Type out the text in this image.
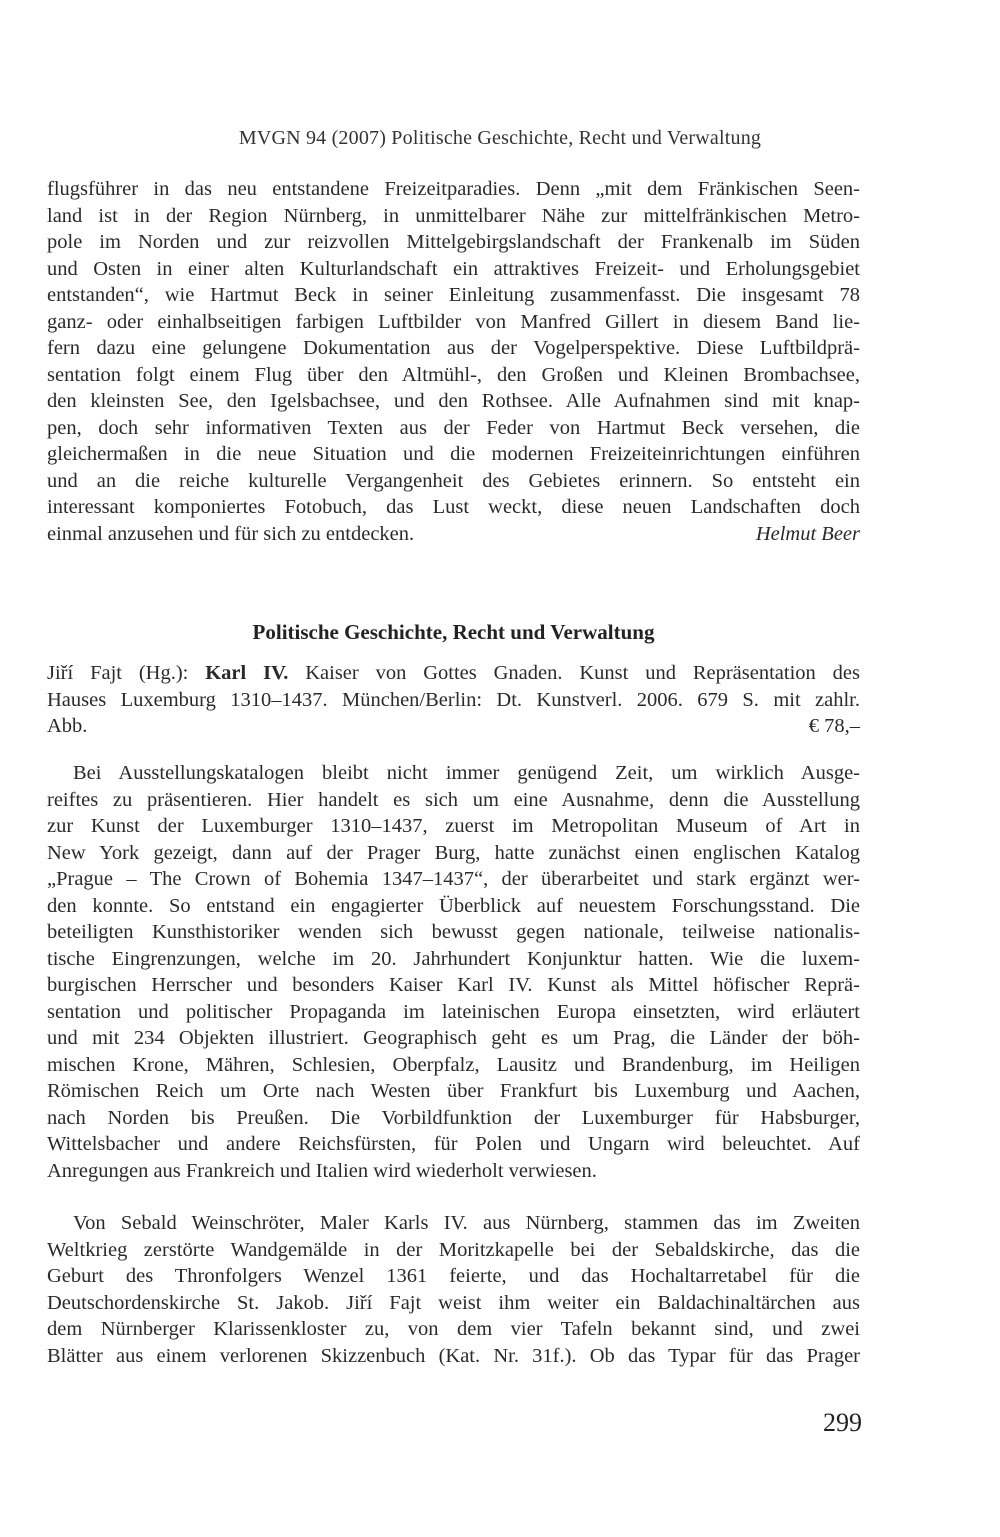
MVGN 94 (2007) Politische Geschichte, Recht und Verwaltung
flugsführer in das neu entstandene Freizeitparadies. Denn „mit dem Fränkischen Seen-
land ist in der Region Nürnberg, in unmittelbarer Nähe zur mittelfränkischen Metro-
pole im Norden und zur reizvollen Mittelgebirgslandschaft der Frankenalb im Süden
und Osten in einer alten Kulturlandschaft ein attraktives Freizeit- und Erholungsgebiet
entstanden“, wie Hartmut Beck in seiner Einleitung zusammenfasst. Die insgesamt 78
ganz- oder einhalbseitigen farbigen Luftbilder von Manfred Gillert in diesem Band lie-
fern dazu eine gelungene Dokumentation aus der Vogelperspektive. Diese Luftbildprä-
sentation folgt einem Flug über den Altmühl-, den Großen und Kleinen Brombachsee,
den kleinsten See, den Igelsbachsee, und den Rothsee. Alle Aufnahmen sind mit knap-
pen, doch sehr informativen Texten aus der Feder von Hartmut Beck versehen, die
gleichermaßen in die neue Situation und die modernen Freizeiteinrichtungen einführen
und an die reiche kulturelle Vergangenheit des Gebietes erinnern. So entsteht ein
interessant komponiertes Fotobuch, das Lust weckt, diese neuen Landschaften doch
einmal anzusehen und für sich zu entdecken.	Helmut Beer
Politische Geschichte, Recht und Verwaltung
Jiří Fajt (Hg.): Karl IV. Kaiser von Gottes Gnaden. Kunst und Repräsentation des
Hauses Luxemburg 1310–1437. München/Berlin: Dt. Kunstverl. 2006. 679 S. mit zahlr.
Abb.	€ 78,–
Bei Ausstellungskatalogen bleibt nicht immer genügend Zeit, um wirklich Ausge-
reiftes zu präsentieren. Hier handelt es sich um eine Ausnahme, denn die Ausstellung
zur Kunst der Luxemburger 1310–1437, zuerst im Metropolitan Museum of Art in
New York gezeigt, dann auf der Prager Burg, hatte zunächst einen englischen Katalog
„Prague – The Crown of Bohemia 1347–1437“, der überarbeitet und stark ergänzt wer-
den konnte. So entstand ein engagierter Überblick auf neuestem Forschungsstand. Die
beteiligten Kunsthistoriker wenden sich bewusst gegen nationale, teilweise nationalis-
tische Eingrenzungen, welche im 20. Jahrhundert Konjunktur hatten. Wie die luxem-
burgischen Herrscher und besonders Kaiser Karl IV. Kunst als Mittel höfischer Reprä-
sentation und politischer Propaganda im lateinischen Europa einsetzten, wird erläutert
und mit 234 Objekten illustriert. Geographisch geht es um Prag, die Länder der böh-
mischen Krone, Mähren, Schlesien, Oberpfalz, Lausitz und Brandenburg, im Heiligen
Römischen Reich um Orte nach Westen über Frankfurt bis Luxemburg und Aachen,
nach Norden bis Preußen. Die Vorbildfunktion der Luxemburger für Habsburger,
Wittelsbacher und andere Reichsfürsten, für Polen und Ungarn wird beleuchtet. Auf
Anregungen aus Frankreich und Italien wird wiederholt verwiesen.
Von Sebald Weinschröter, Maler Karls IV. aus Nürnberg, stammen das im Zweiten
Weltkrieg zerstörte Wandgemälde in der Moritzkapelle bei der Sebaldskirche, das die
Geburt des Thronfolgers Wenzel 1361 feierte, und das Hochaltarretabel für die
Deutschordenskirche St. Jakob. Jiří Fajt weist ihm weiter ein Baldachinaltärchen aus
dem Nürnberger Klarissenkloster zu, von dem vier Tafeln bekannt sind, und zwei
Blätter aus einem verlorenen Skizzenbuch (Kat. Nr. 31f.). Ob das Typar für das Prager
299
